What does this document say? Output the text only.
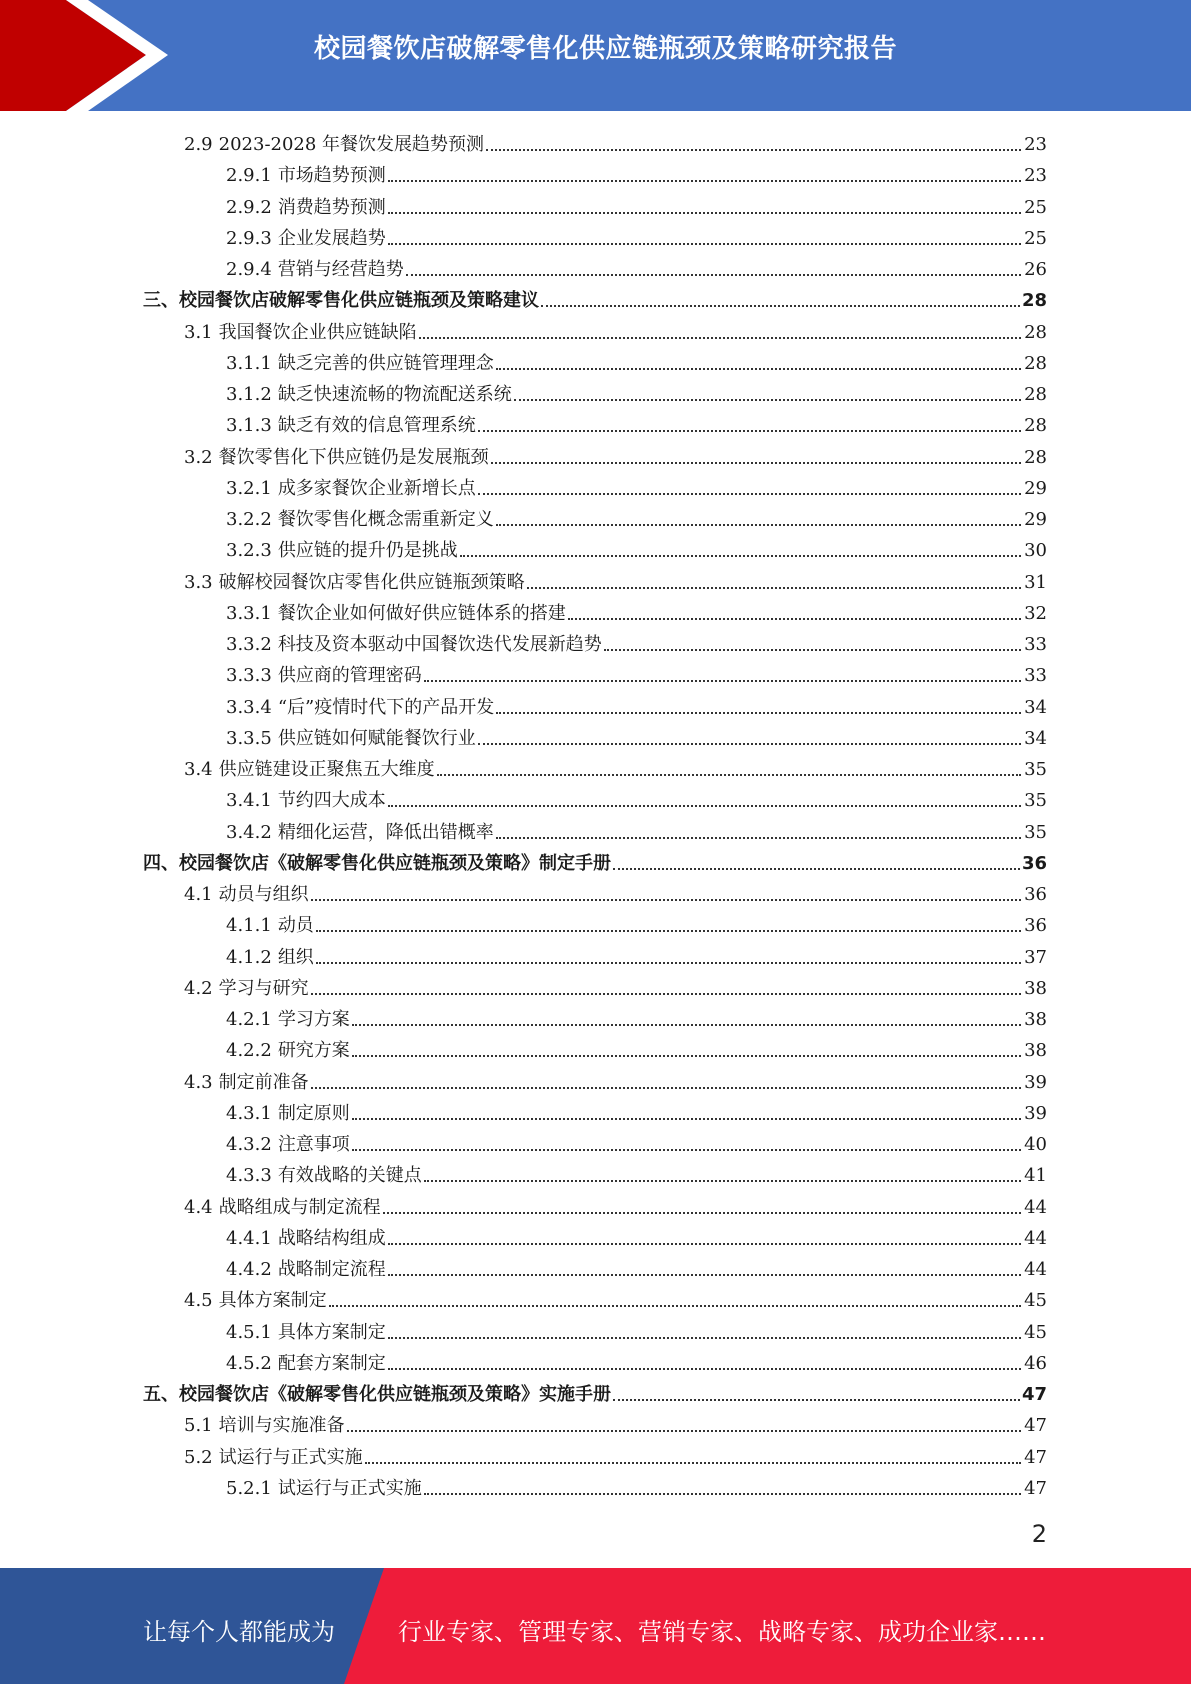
校园餐饮店破解零售化供应链瓶颈及策略研究报告
2.9 2023-2028 年餐饮发展趋势预测	23
2.9.1 市场趋势预测	23
2.9.2 消费趋势预测	25
2.9.3 企业发展趋势	25
2.9.4 营销与经营趋势	26
三、 校园餐饮店破解零售化供应链瓶颈及策略建议	28
3.1 我国餐饮企业供应链缺陷	28
3.1.1 缺乏完善的供应链管理理念	28
3.1.2 缺乏快速流畅的物流配送系统	28
3.1.3 缺乏有效的信息管理系统	28
3.2 餐饮零售化下供应链仍是发展瓶颈	28
3.2.1 成多家餐饮企业新增长点	29
3.2.2 餐饮零售化概念需重新定义	29
3.2.3 供应链的提升仍是挑战	30
3.3 破解校园餐饮店零售化供应链瓶颈策略	31
3.3.1 餐饮企业如何做好供应链体系的搭建	32
3.3.2 科技及资本驱动中国餐饮迭代发展新趋势	33
3.3.3 供应商的管理密码	33
3.3.4 “后”疫情时代下的产品开发	34
3.3.5 供应链如何赋能餐饮行业	34
3.4 供应链建设正聚焦五大维度	35
3.4.1 节约四大成本	35
3.4.2 精细化运营，降低出错概率	35
四、 校园餐饮店《破解零售化供应链瓶颈及策略》制定手册	36
4.1 动员与组织	36
4.1.1 动员	36
4.1.2 组织	37
4.2 学习与研究	38
4.2.1 学习方案	38
4.2.2 研究方案	38
4.3 制定前准备	39
4.3.1 制定原则	39
4.3.2 注意事项	40
4.3.3 有效战略的关键点	41
4.4 战略组成与制定流程	44
4.4.1 战略结构组成	44
4.4.2 战略制定流程	44
4.5 具体方案制定	45
4.5.1 具体方案制定	45
4.5.2 配套方案制定	46
五、 校园餐饮店《破解零售化供应链瓶颈及策略》实施手册	47
5.1 培训与实施准备	47
5.2 试运行与正式实施	47
5.2.1 试运行与正式实施	47
2
让每个人都能成为	行业专家、管理专家、营销专家、战略专家、成功企业家……
